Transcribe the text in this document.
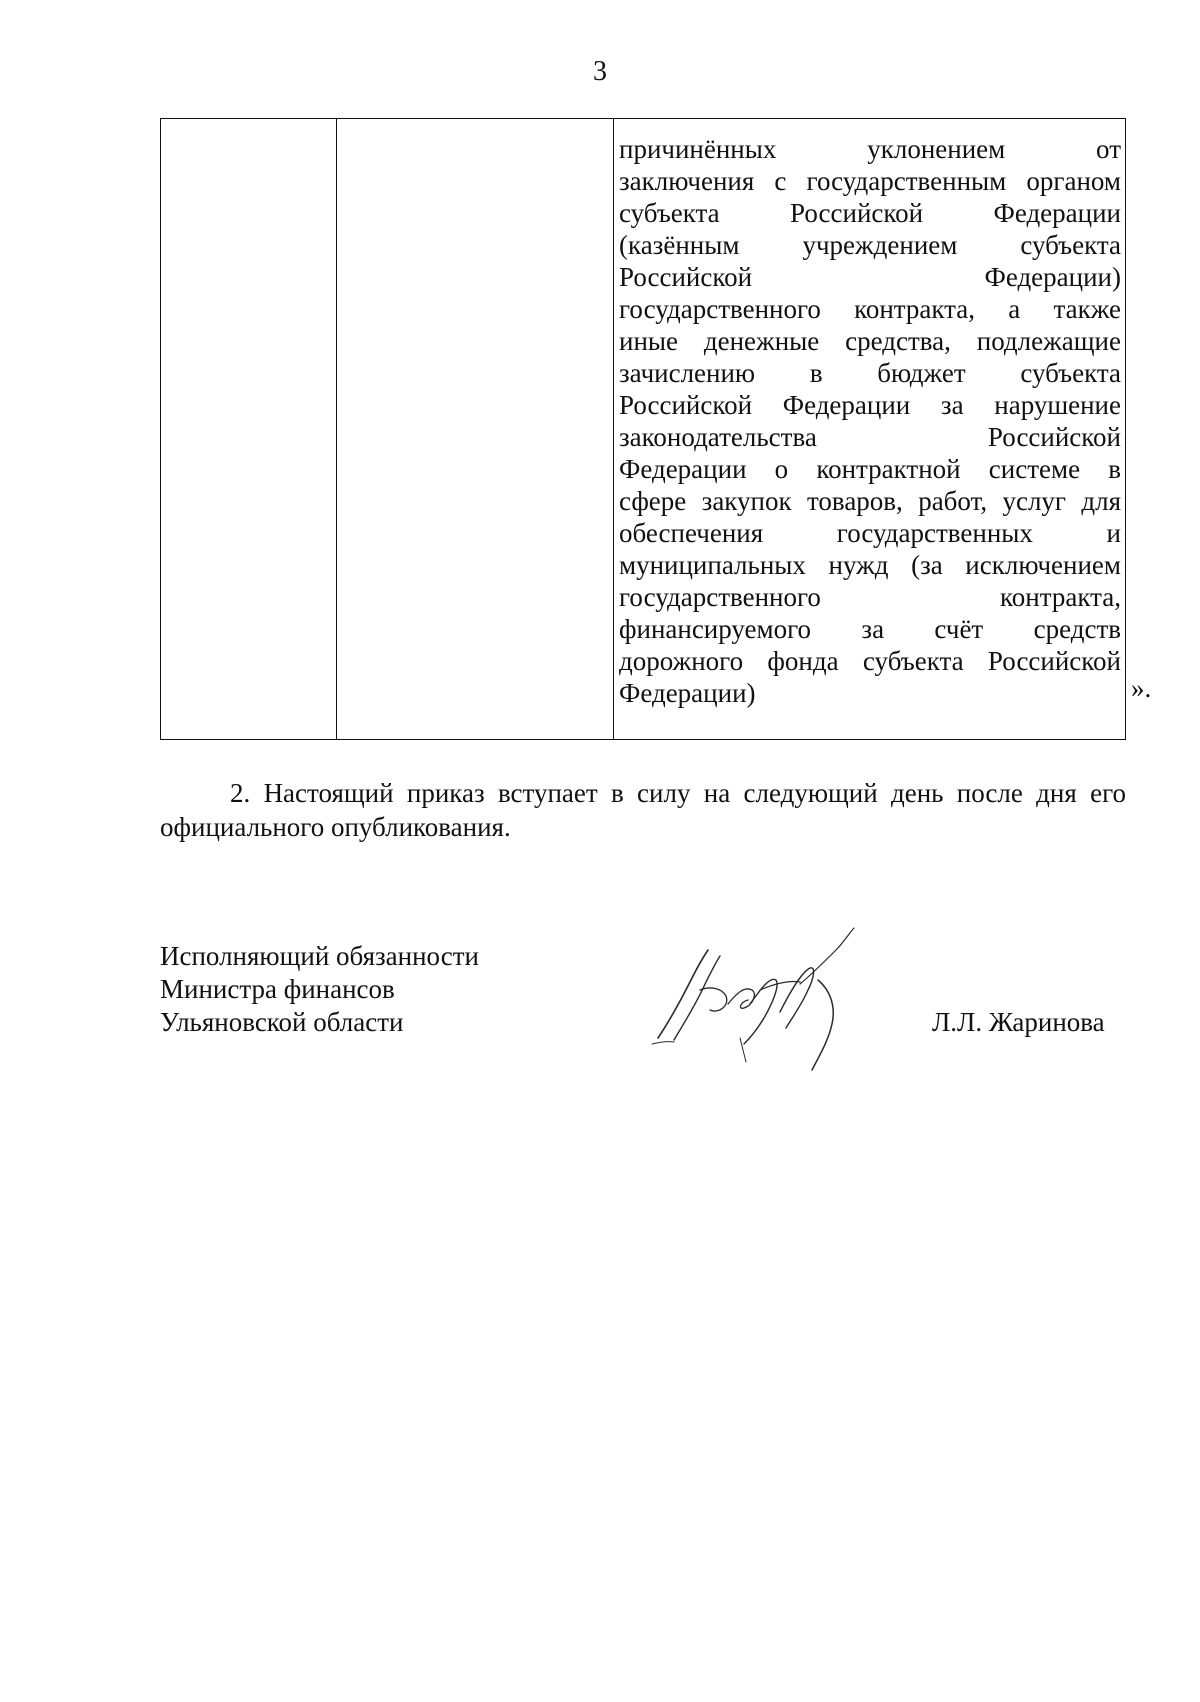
3
причинённых уклонением от
заключения с государственным органом
субъекта Российской Федерации
(казённым учреждением субъекта
Российской Федерации)
государственного контракта, а также
иные денежные средства, подлежащие
зачислению в бюджет субъекта
Российской Федерации за нарушение
законодательства Российской
Федерации о контрактной системе в
сфере закупок товаров, работ, услуг для
обеспечения государственных и
муниципальных нужд (за исключением
государственного контракта,
финансируемого за счёт средств
дорожного фонда субъекта Российской
Федерации)	».
2. Настоящий приказ вступает в силу на следующий день после дня его
официального опубликования.
Исполняющий обязанности
Министра финансов
Ульяновской области	Л.Л. Жаринова
